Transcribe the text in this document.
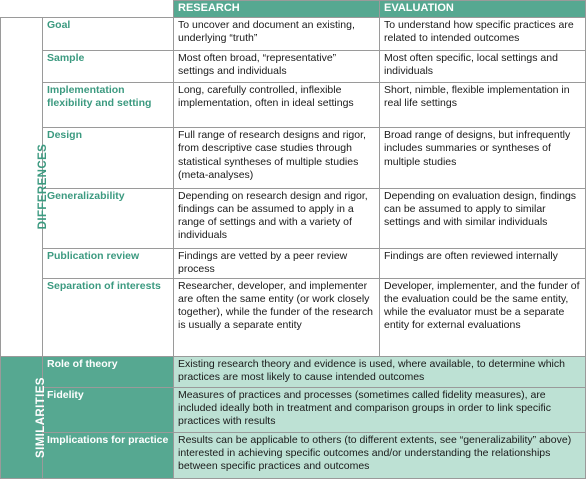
		RESEARCH	EVALUATION
DIFFERENCES	Goal	To uncover and document an existing, underlying “truth”	To understand how specific practices are related to intended outcomes
	Sample	Most often broad, “representative” settings and individuals	Most often specific, local settings and individuals
	Implementation flexibility and setting	Long, carefully controlled, inflexible implementation, often in ideal settings	Short, nimble, flexible implementation in real life settings
	Design	Full range of research designs and rigor, from descriptive case studies through statistical syntheses of multiple studies (meta-analyses)	Broad range of designs, but infrequently includes summaries or syntheses of multiple studies
	Generalizability	Depending on research design and rigor, findings can be assumed to apply in a range of settings and with a variety of individuals	Depending on evaluation design, findings can be assumed to apply to similar settings and with similar individuals
	Publication review	Findings are vetted by a peer review process	Findings are often reviewed internally
	Separation of interests	Researcher, developer, and implementer are often the same entity (or work closely together), while the funder of the research is usually a separate entity	Developer, implementer, and the funder of the evaluation could be the same entity, while the evaluator must be a separate entity for external evaluations
SIMILARITIES	Role of theory	Existing research theory and evidence is used, where available, to determine which practices are most likely to cause intended outcomes	
	Fidelity	Measures of practices and processes (sometimes called fidelity measures), are included ideally both in treatment and comparison groups in order to link specific practices with results	
	Implications for practice	Results can be applicable to others (to different extents, see “generalizability” above) interested in achieving specific outcomes and/or understanding the relationships between specific practices and outcomes	
